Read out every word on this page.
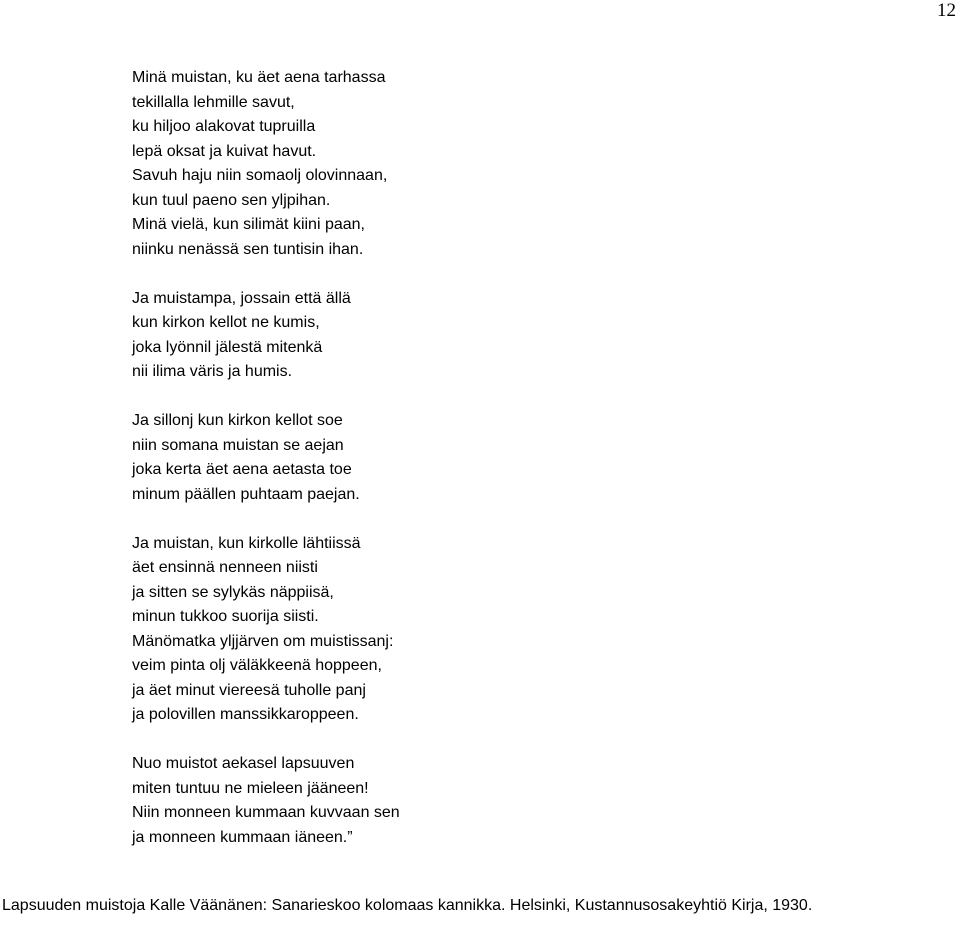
12
Minä muistan, ku äet aena tarhassa
tekillalla lehmille savut,
ku hiljoo alakovat tupruilla
lepä oksat ja kuivat havut.
Savuh haju niin somaolj olovinnaan,
kun tuul paeno sen yljpihan.
Minä vielä, kun silimät kiini paan,
niinku nenässä sen tuntisin ihan.
Ja muistampa, jossain että ällä
kun kirkon kellot ne kumis,
joka lyönnil jälestä mitenkä
nii ilima väris ja humis.
Ja sillonj kun kirkon kellot soe
niin somana muistan se aejan
joka kerta äet aena aetasta toe
minum päällen puhtaam paejan.
Ja muistan, kun kirkolle lähtiissä
äet ensinnä nenneen niisti
ja sitten se sylykäs näppiisä,
minun tukkoo suorija siisti.
Mänömatka yljjärven om muistissanj:
veim pinta olj väläkkeenä hoppeen,
ja äet minut viereesä tuholle panj
ja polovillen manssikkaroppeen.
Nuo muistot aekasel lapsuuven
miten tuntuu ne mieleen jääneen!
Niin monneen kummaan kuvvaan sen
ja monneen kummaan iäneen.”
Lapsuuden muistoja Kalle Väänänen: Sanarieskoo kolomaas kannikka. Helsinki, Kustannusosakeyhtiö Kirja, 1930.
